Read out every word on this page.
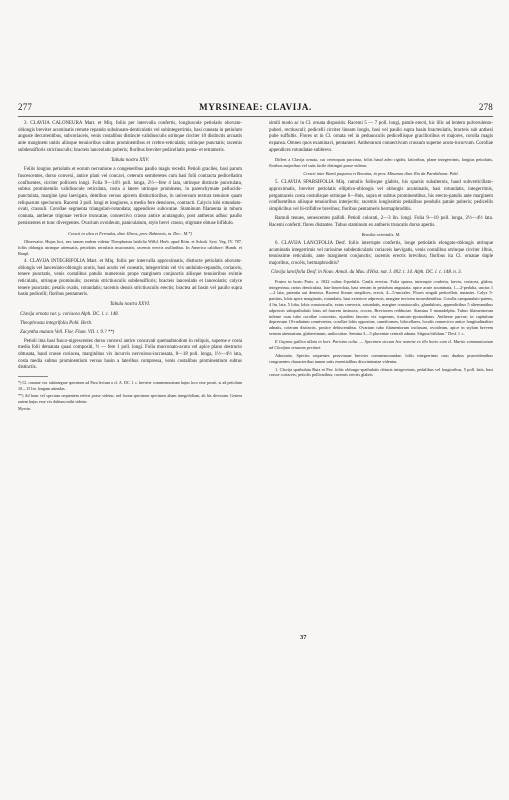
277	MYRSINEAE: CLAVIJA.	278

3. CLAVIJA CALONEURA Mart. et Miq. foliis per intervalla confertis, longiuscule petiolatis obovato-oblongis breviter acuminatis remote repando subsinuato-denticulatis vel subintegerrimis, basi cuneata in petiolum anguste decurrentibus, subcoriaceis, venis costalibus distincte validiusculis utrinque circiter 10 distinctis arcuatis ante marginem unitis aliisque tenuioribus subtus prominentibus et crebro-reticulatis, utrinque punctatis; racemis subdensifloris strictiusculis; bracteis lanceolatis puberis; floribus breviter pedicellatis penta- et tetrameris.

Tabula nostra XXV.

Foliis longius petiolatis et eorum nervatione a congeneribus paullo magis recedit. Petioli graciles, basi parum fuscescentes, dorso convexi, antice plani vel concavi, ceterum semiteretes cum basi folii contracta pedicellatim confluentes, circiter pollicem longi. Folia 9—14½ poll. longa, 2½—fere 4 lata, utrinque distincte punctulata, subtus prominentiis validiuscule reticulata, costa a latere utrinque prominens, in parenchymate pellucido-punctulata, margine ipso laevigato, dentibus versus apicem distinctioribus, in universum textura tenuiore quam reliquarum speciorum. Racemi 3 poll. longi et longiores, a medio fere densiores, contracti. Calycis lobi rotundato-ovati, crassuli. Corollae segmenta triangulari-rotundata; appendices subovatae. Staminum filamenta in tubum connata, antherae trigonae vertice truncatae, connectivo crasso antice acutangulo, post antheras adhuc paullo persistentes et tunc divergentes. Ovarium ovoideum, paniculatum, stylo brevi crasso, stigmate obtuse bifidulo.

Crescit in silva et Ferradas, distr. Ilheos, prov. Bahiensis, m. Dec.: M.*)

Observatio. Hujus loci, nec tamen eadem videtur Theophrasta latifolia Willd. Herb. apud Röm. et Schult. Syst. Veg. IV. 787. foliis oblongis utrinque attenuatis, petiolatis serrulatis mucronatis; racemis erectis axillaribus. In America calidiore: Humb. et Bonpl.

4. CLAVIJA INTEGRIFOLIA Mart. et Miq. foliis per intervalla approximatis, distincte petiolatis obovato-oblongis vel lanceolato-oblongis acutis, basi acutis vel cuneatis, integerrimis vel vix undulato-repandis, coriaceis, tenere punctatis, venis costalibus patulis numerosis prope marginem conjunctis aliisque tenuioribus eximie reticulatis, utrinque prominulis; racemis strictiusculis subdensifloris; bracteis lanceolatis et lanceolatis; calyce tenere punctatis; petalis ovatis, rotundatis; racemis densis strictiusculis erectis; bractea ad basin vel paullo supra basin pedicelli; floribus pentameris.

Tabula nostra XXVI.

Clavija ornata var. γ. coriacea Alph. DC. l. c. 148.

Theophrasta integrifolia Pohl. Herb.

Zacyntha mutans Vell. Flor. Flum. VII. t. 9.? **)

Petioli ima basi fusco-nigrescentes dorso convexi antice concavati quemadmodum in reliquis, superne e costa media folii dematata quasi compositi, ½ — fere 1 poll. longi. Folia mucronato-acuta vel apice plano destructo obtusata, haud crasse coriacea, marginibus vix incurvis nervuloso-incrassata, 8—18 poll. longa, 1½—4½ lata, costa media subtus prominentium versus basin a lateribus compressa, venis costalibus prominentium subtus distinctis.

*) Cl. ornatae var. subintegrae specimen ad Para lectum a cl. A. DC. l. c. breviter commemoratum hujus loco esse possit, si ad petiolum 10—15 lin. longum attendas.

**) Ad hanc vel specium sequentem referri posse videtur, sed forma specimen specimen aliam integrifoliam, ab his diversam. Genera autem hujus esse vix dubium mihi videtur.

Myrsin.

simili modo ac in Cl. ornata dispositis. Racemi 5 — 7 poll. longi, patule erecti, hic illic ad lentem pulverulento-puberi, rectiusculi; pedicelli circiter lineam longis, basi vel paullo supra basin bracteolatis, bracteis sub anthesi pube suffultis. Flores ut in Cl. ornata vel in peduunculis pedicellisque gracilioribus et majores, corolla magis expansa. Omnes quos examinavi, pentameri. Antherarum connectivum crassum superne acuto-incurvum. Corollae appendices rotundatae subbrevs.

Differt a Clavija ornata, cui ceteroquin proxima, foliis haud adeo rigidis, latioribus, plane integerrimis, longius petiolatis, floribus majoribus vel satis facile distingui posse videtur.

Crescit inter Buriti paquena et Bocaina, in prov. Minarum distr. Rio da Parahibuna: Pohl.

5. CLAVIJA SPARSIFOLIA Miq. ramulis foliisque glabris, his sparsis subalternis, haud subverticillato-approximatis, breviter petiolatis elliptico-oblongis vel oblongis acuminatis, basi rotundatis, integerrimis, pergamaceis costa costulisque utrinque 6—8nis, supra et subtus prominentibus, his erecto-patulis ante marginem confluentibus aliisque tenuioribus interjectis; racemis longissimis pedalibus pendulis patule puberis; pedicellis simplicibus vel bi-trifidive brevibus; floribus pentameris hermaphroditis.

Ramuli tenues, senescentes pallidi. Petioli colorati, 2—3 lin. longi. Folia 9—10 poll. longa, 2½—4½ lata. Racemi conferti; flores distantes. Tubus staminum ex antheris truncatis dorso apertis.

Brasilia orientalis: M.

6. CLAVIJA LANCIFOLIA Desf. foliis interrupte confertis, longe petiolatis elongato-oblongis utrinque acuminatis integerrimis vel rarissime subdenticulatis coriaceis laevigatis, venis costalibus utrinque circiter 18nis, tenuissime reticulatis, ante marginem conjunctis; racemis erectis brevibus; floribus ita Cl. ornatae duple majoribus, crocéis, hermaphroditis?

Clavija lancifolia Desf. in Nouv. Annal. du Mus. d'Hist. nat. I. 402. t. 14. Alph. DC. l. c. 148. n. 3.

Frutex in horto Paris. a. 1822 cultus 6-pedalis. Caulis erectus. Folia sparsa, interrupte conferta, laevia, coriacea, glabra, integerrima, rarius denticulata, lato-lanceolata, basi sensim in petiolum angustata, apice acute acuminata, 1—2-pedalia, uncias 1—2 lata, patentia aut demissa. Racemi florum simplices, erecti, 4—5-unciales. Flores singuli pedicellati, nutantes. Calyx 5-partitus, lobis apice marginatis, rotundatis, basi exteriore adpressis, margine invicem incumbentibus. Corolla campanulato-patens, 4 lin. lata, 5 loba, lobis crassiusculis, extus convexis, rotundatis, margine crassiusculis, glandulosis, appendicibus 5 alternantibus adpressis subspathulatis lotus ad faucem instructa, crocea, Breviorem redductae. Stamina 5 monadelpha. Tubus filamentorum inferne cum tubo corollae concretus, ejusdem faucem vix superans, truncato-pyramidatus. Antherae parvae, in capitulum depressum 10-radiatum conniventes, corollae lobis oppositae, cuneiformes, bilocellares, loculis connectivo antice longitudinaliter adnatis, coterum distinctis, postice dehiscentibus. Ovarium tubo filamentorum inclusum, ovoideum, apice in stylum brevem sensim attenuatum, glaberrimum, uniloculare. Semina 3—5 placentae centrali adnata. Stigma bifidum." Desf. l. c.

E Guyana gallica allata in hort. Parisino culta. — Specimen siccum hoc nomine ex illo horto cum cl. Martio communicatum ad Clavijam ornatam pertinet.

Adnotatio. Species sequentes peruvianae breviter commemorandae, foliis integerrimis cum duabus praecedentibus congruentes characteribus tamen satis essentialibus discriminatae videntur.

1. Clavija spathulata Ruiz et Pav. foliis oblongo-spathulatis obtusis integerrimis, pedalibus vel longioribus, 5 poll. latis, basi crasse coriaceis; petiolis pollicaribus; racemis erectis glabris

37
